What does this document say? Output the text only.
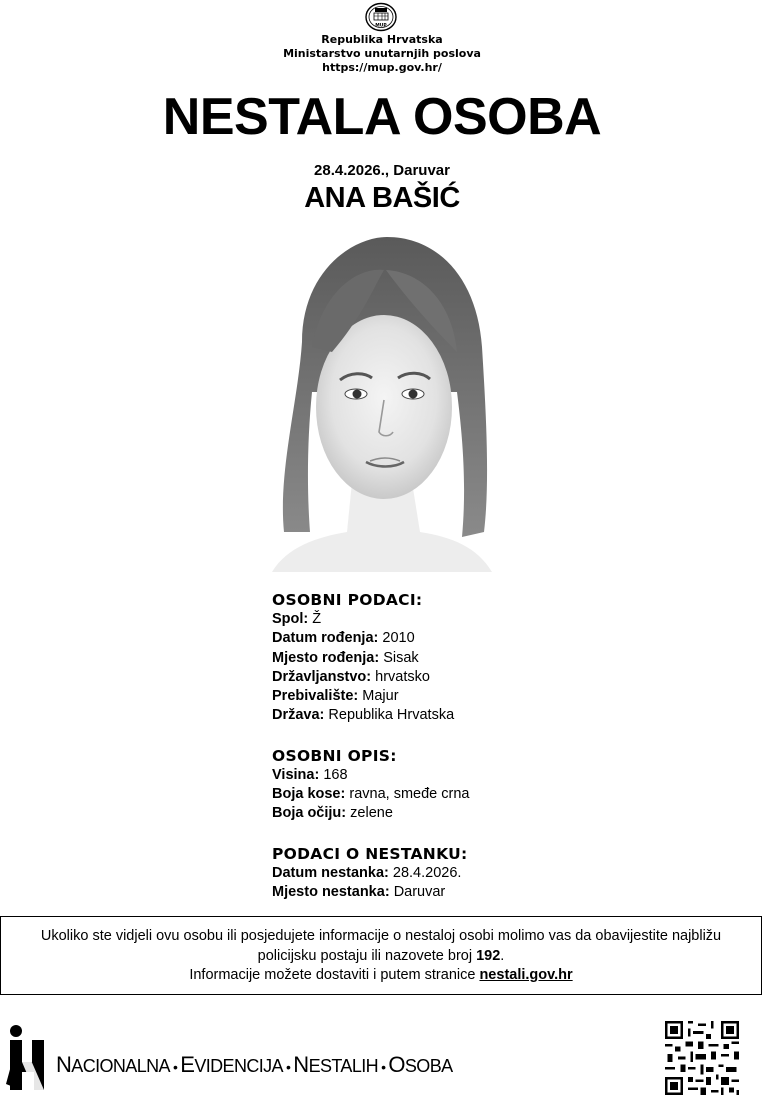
MUP
Republika Hrvatska
Ministarstvo unutarnjih poslova
https://mup.gov.hr/
NESTALA OSOBA
28.4.2026., Daruvar
ANA BAŠIĆ
OSOBNI PODACI:
Spol: Ž
Datum rođenja: 2010
Mjesto rođenja: Sisak
Državljanstvo: hrvatsko
Prebivalište: Majur
Država: Republika Hrvatska
OSOBNI OPIS:
Visina: 168
Boja kose: ravna, smeđe crna
Boja očiju: zelene
PODACI O NESTANKU:
Datum nestanka: 28.4.2026.
Mjesto nestanka: Daruvar
Ukoliko ste vidjeli ovu osobu ili posjedujete informacije o nestaloj osobi molimo vas da obavijestite najbližu
policijsku postaju ili nazovete broj 192.
Informacije možete dostaviti i putem stranice nestali.gov.hr
NACIONALNA • EVIDENCIJA • NESTALIH • OSOBA
